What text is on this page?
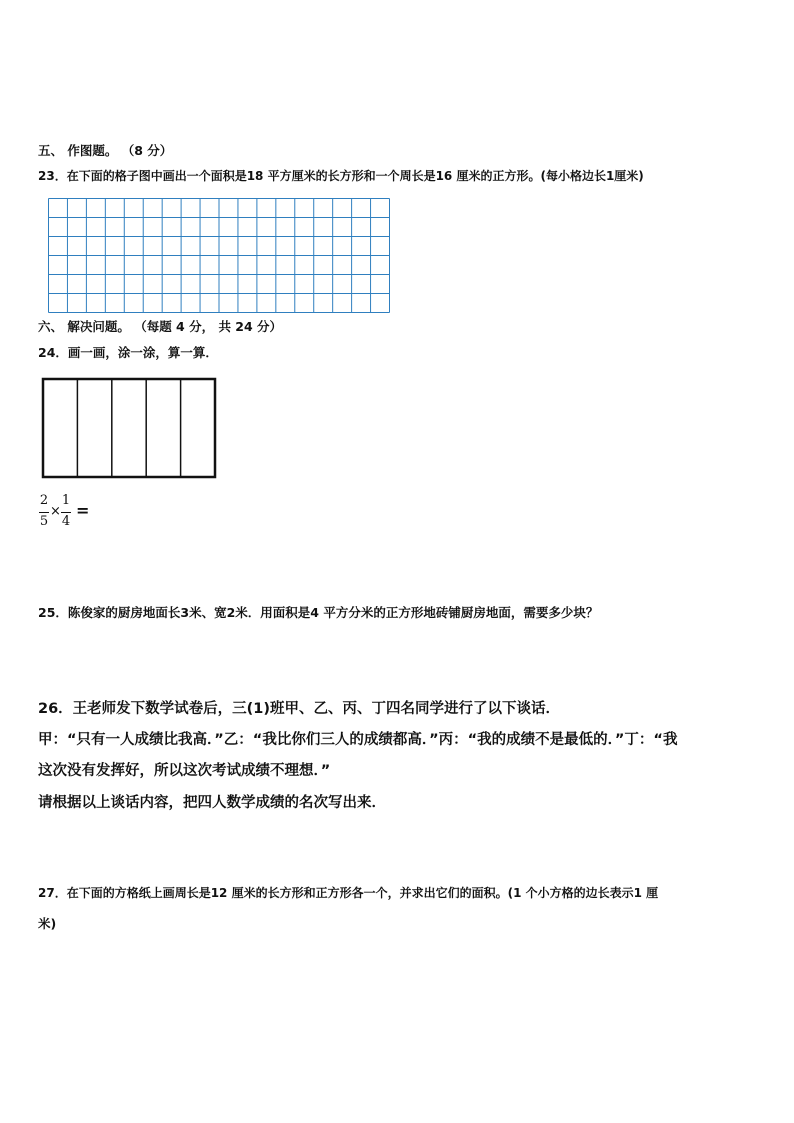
五、 作图题。 （8 分）
23．在下面的格子图中画出一个面积是18 平方厘米的长方形和一个周长是16 厘米的正方形。(每小格边长1厘米)
六、 解决问题。 （每题 4 分， 共 24 分）
24．画一画，涂一涂，算一算．
2
5
×
1
4
=
25．陈俊家的厨房地面长3米、宽2米．用面积是4 平方分米的正方形地砖铺厨房地面，需要多少块？
26．王老师发下数学试卷后，三(1)班甲、乙、丙、丁四名同学进行了以下谈话．
甲：“只有一人成绩比我高．”乙：“我比你们三人的成绩都高．”丙：“我的成绩不是最低的．”丁：“我
这次没有发挥好，所以这次考试成绩不理想．”
请根据以上谈话内容，把四人数学成绩的名次写出来．
27．在下面的方格纸上画周长是12 厘米的长方形和正方形各一个，并求出它们的面积。(1 个小方格的边长表示1 厘
米)
